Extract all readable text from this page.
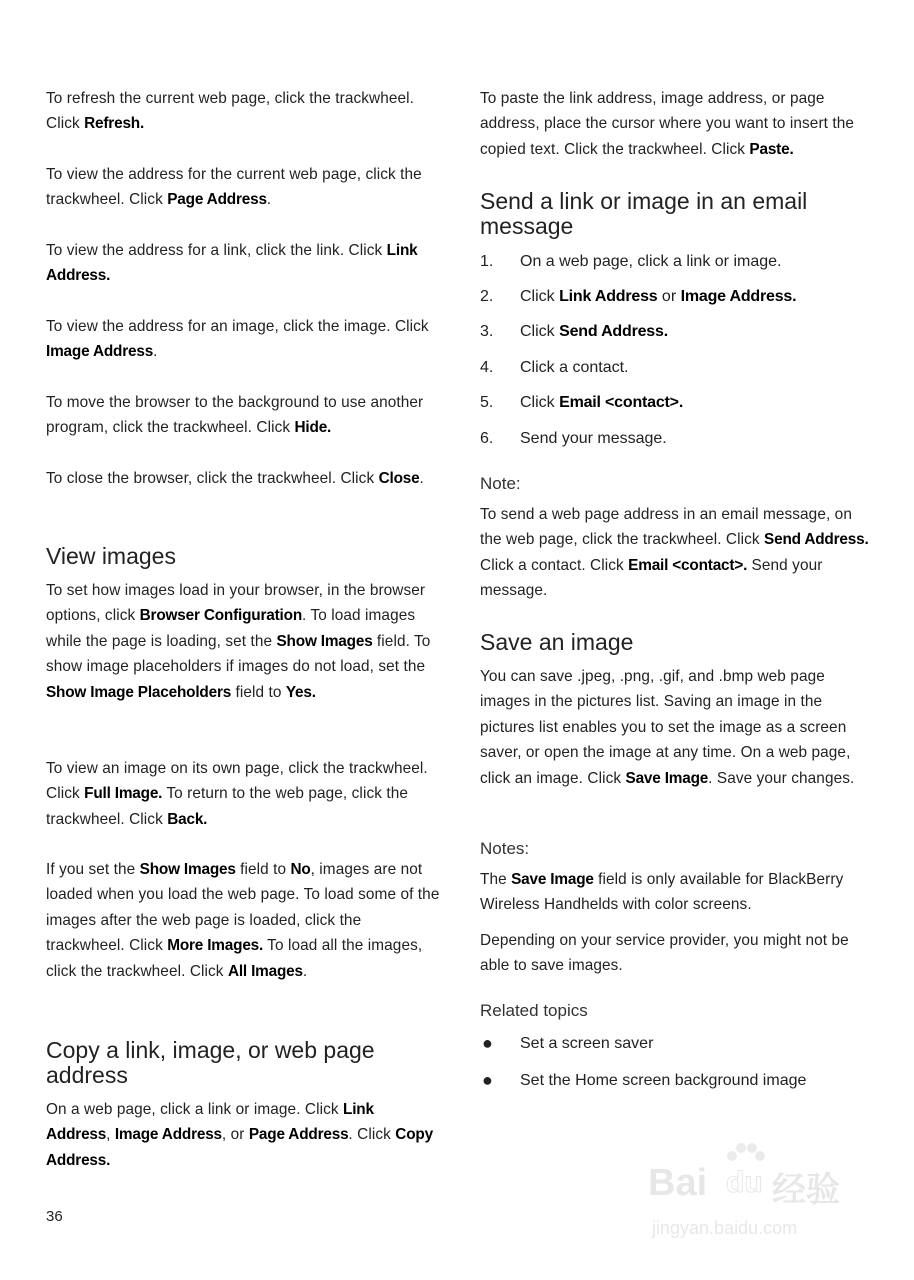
To refresh the current web page, click the trackwheel. Click Refresh.

To view the address for the current web page, click the trackwheel. Click Page Address.

To view the address for a link, click the link. Click Link Address.

To view the address for an image, click the image. Click Image Address.

To move the browser to the background to use another program, click the trackwheel. Click Hide.

To close the browser, click the trackwheel. Click Close.

View images

To set how images load in your browser, in the browser options, click Browser Configuration. To load images while the page is loading, set the Show Images field. To show image placeholders if images do not load, set the Show Image Placeholders field to Yes.

To view an image on its own page, click the trackwheel. Click Full Image. To return to the web page, click the trackwheel. Click Back.

If you set the Show Images field to No, images are not loaded when you load the web page. To load some of the images after the web page is loaded, click the trackwheel. Click More Images. To load all the images, click the trackwheel. Click All Images.

Copy a link, image, or web page address

On a web page, click a link or image. Click Link Address, Image Address, or Page Address. Click Copy Address.

To paste the link address, image address, or page address, place the cursor where you want to insert the copied text. Click the trackwheel. Click Paste.

Send a link or image in an email message
1.	On a web page, click a link or image.
2.	Click Link Address or Image Address.
3.	Click Send Address.
4.	Click a contact.
5.	Click Email <contact>.
6.	Send your message.
Note:

To send a web page address in an email message, on the web page, click the trackwheel. Click Send Address. Click a contact. Click Email <contact>. Send your message.

Save an image

You can save .jpeg, .png, .gif, and .bmp web page images in the pictures list. Saving an image in the pictures list enables you to set the image as a screen saver, or open the image at any time. On a web page, click an image. Click Save Image. Save your changes.

Notes:

The Save Image field is only available for BlackBerry Wireless Handhelds with color screens.

Depending on your service provider, you might not be able to save images.

Related topics
● Set a screen saver
● Set the Home screen background image
36
Bai du 经验
jingyan.baidu.com
